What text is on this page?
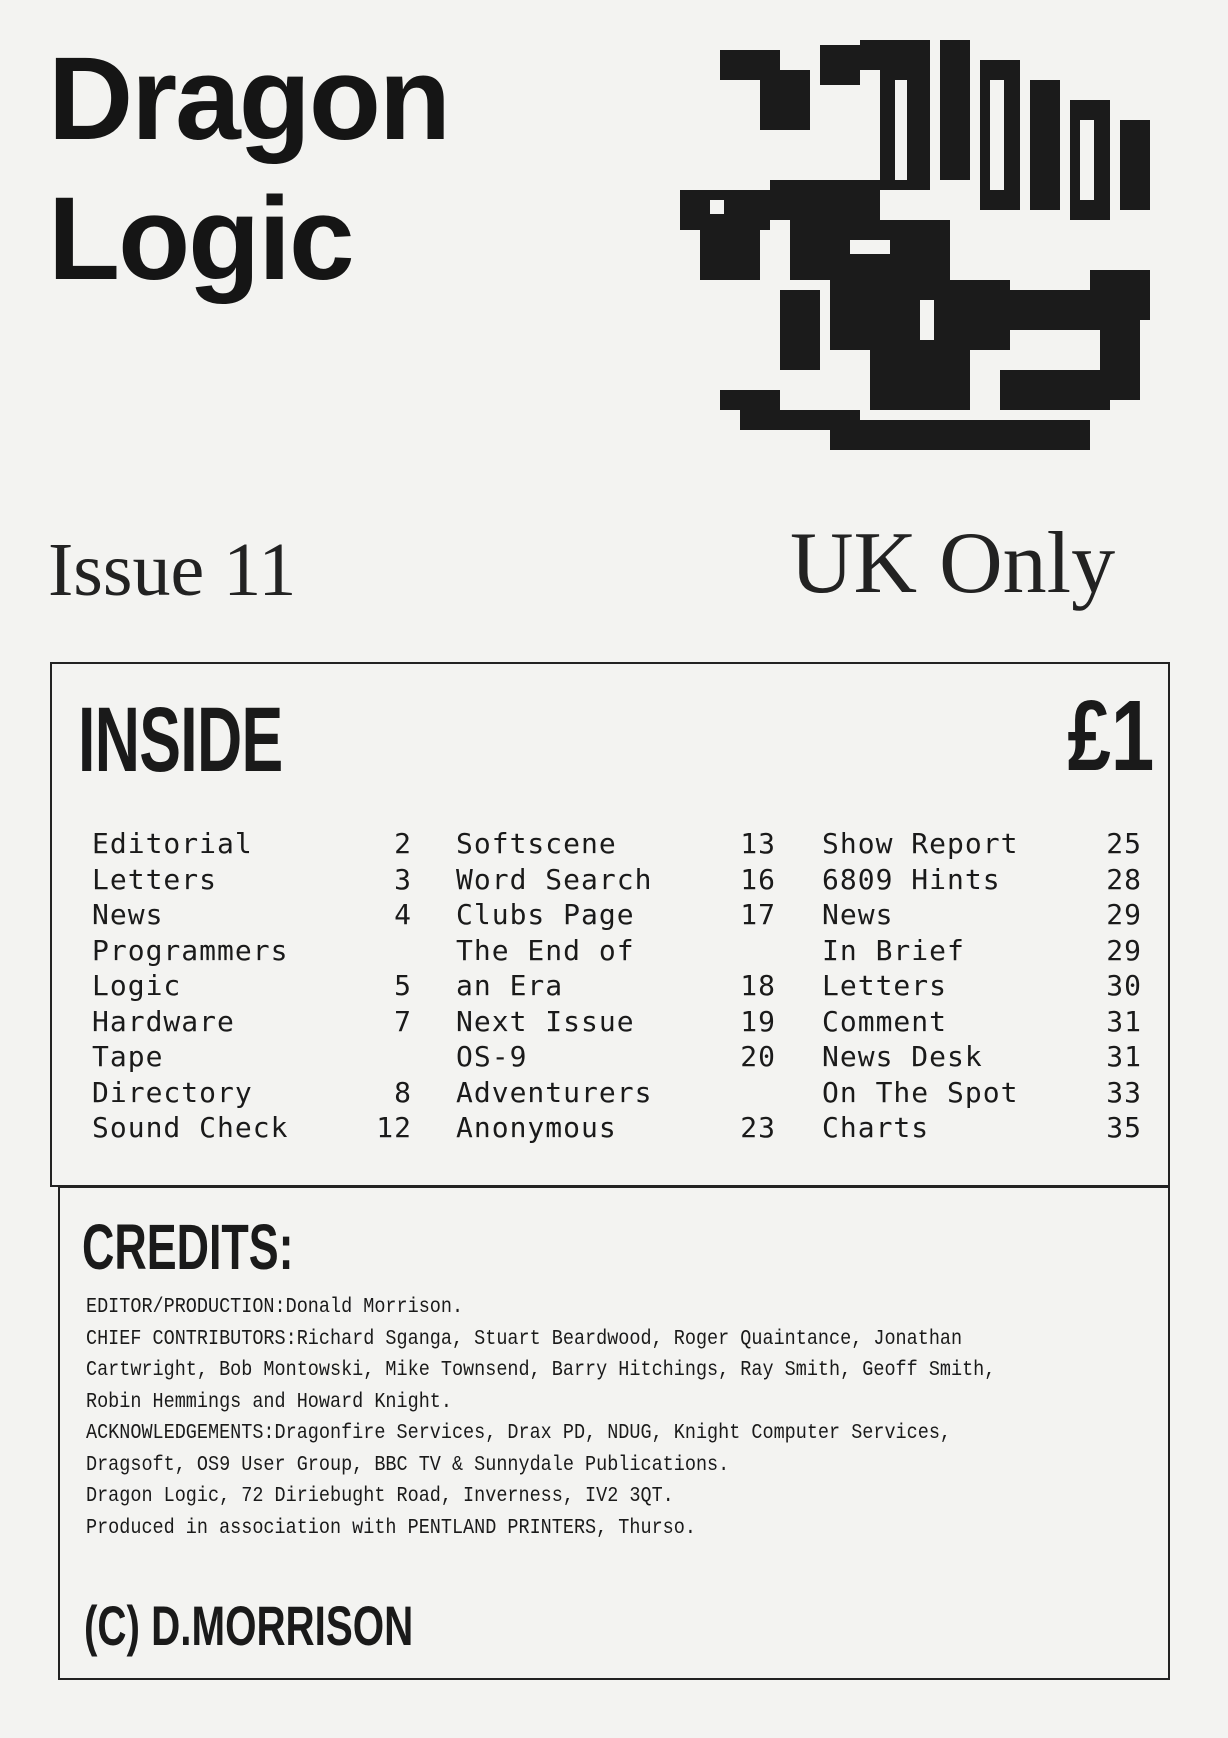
Dragon
Logic
Issue 11	UK Only
INSIDE	£1
Editorial	2
Letters	3
News	4
Programmers
Logic	5
Hardware	7
Tape
Directory	8
Sound Check	12
Softscene	13
Word Search	16
Clubs Page	17
The End of
an Era	18
Next Issue	19
OS-9	20
Adventurers
Anonymous	23
Show Report	25
6809 Hints	28
News	29
In Brief	29
Letters	30
Comment	31
News Desk	31
On The Spot	33
Charts	35
CREDITS:
EDITOR/PRODUCTION:Donald Morrison.
CHIEF CONTRIBUTORS:Richard Sganga, Stuart Beardwood, Roger Quaintance, Jonathan
Cartwright, Bob Montowski, Mike Townsend, Barry Hitchings, Ray Smith, Geoff Smith,
Robin Hemmings and Howard Knight.
ACKNOWLEDGEMENTS:Dragonfire Services, Drax PD, NDUG, Knight Computer Services,
Dragsoft, OS9 User Group, BBC TV & Sunnydale Publications.
Dragon Logic, 72 Diriebught Road, Inverness, IV2 3QT.
Produced in association with PENTLAND PRINTERS, Thurso.
(C) D.MORRISON
